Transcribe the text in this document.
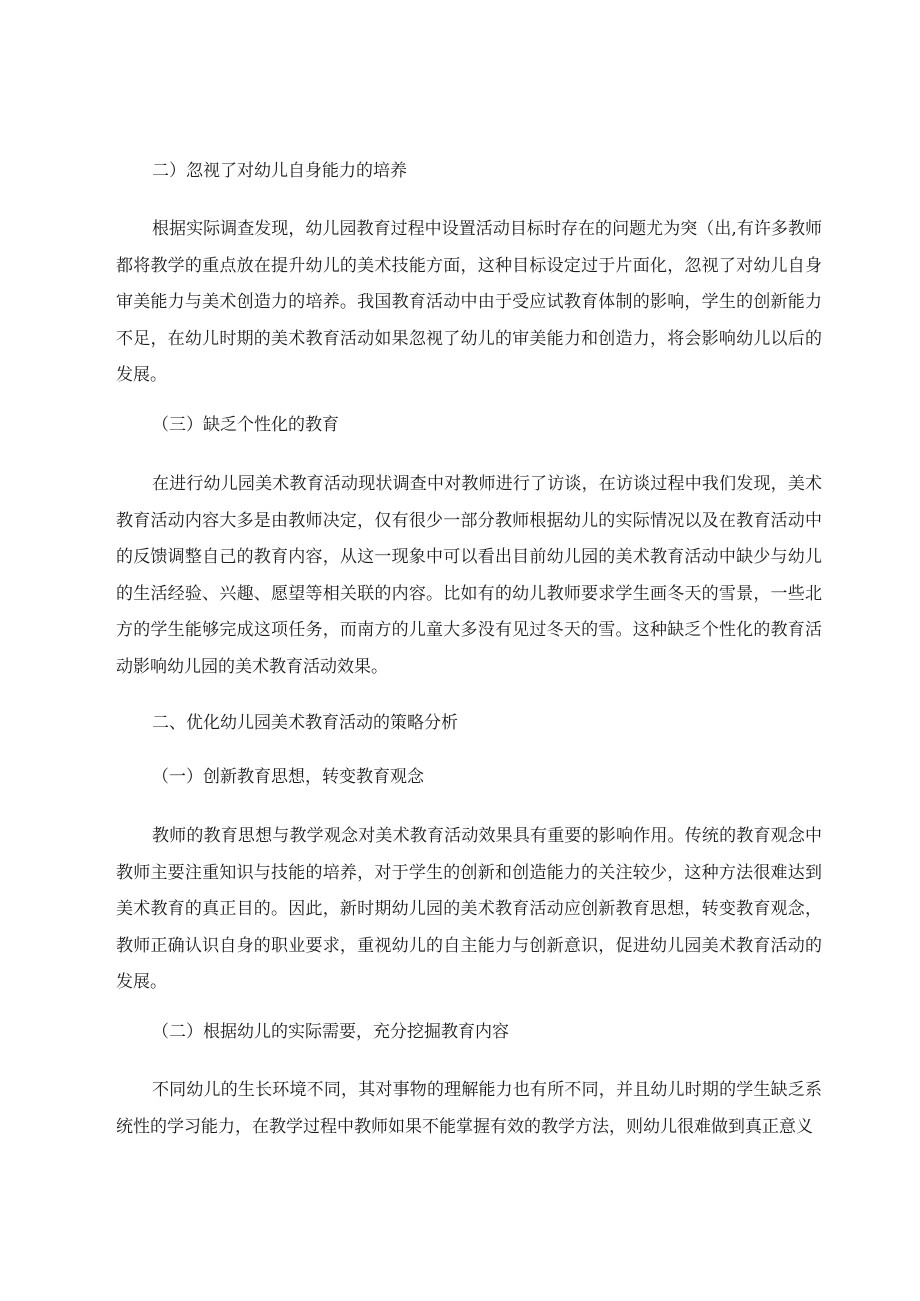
二）忽视了对幼儿自身能力的培养

根据实际调查发现，幼儿园教育过程中设置活动目标时存在的问题尤为突（出,有许多教师都将教学的重点放在提升幼儿的美术技能方面，这种目标设定过于片面化，忽视了对幼儿自身审美能力与美术创造力的培养。我国教育活动中由于受应试教育体制的影响，学生的创新能力不足，在幼儿时期的美术教育活动如果忽视了幼儿的审美能力和创造力，将会影响幼儿以后的发展。

（三）缺乏个性化的教育

在进行幼儿园美术教育活动现状调查中对教师进行了访谈，在访谈过程中我们发现，美术教育活动内容大多是由教师决定，仅有很少一部分教师根据幼儿的实际情况以及在教育活动中的反馈调整自己的教育内容，从这一现象中可以看出目前幼儿园的美术教育活动中缺少与幼儿的生活经验、兴趣、愿望等相关联的内容。比如有的幼儿教师要求学生画冬天的雪景，一些北方的学生能够完成这项任务，而南方的儿童大多没有见过冬天的雪。这种缺乏个性化的教育活动影响幼儿园的美术教育活动效果。

二、优化幼儿园美术教育活动的策略分析
（一）创新教育思想，转变教育观念

教师的教育思想与教学观念对美术教育活动效果具有重要的影响作用。传统的教育观念中教师主要注重知识与技能的培养，对于学生的创新和创造能力的关注较少，这种方法很难达到美术教育的真正目的。因此，新时期幼儿园的美术教育活动应创新教育思想，转变教育观念，教师正确认识自身的职业要求，重视幼儿的自主能力与创新意识，促进幼儿园美术教育活动的发展。

（二）根据幼儿的实际需要，充分挖掘教育内容

不同幼儿的生长环境不同，其对事物的理解能力也有所不同，并且幼儿时期的学生缺乏系统性的学习能力，在教学过程中教师如果不能掌握有效的教学方法，则幼儿很难做到真正意义
